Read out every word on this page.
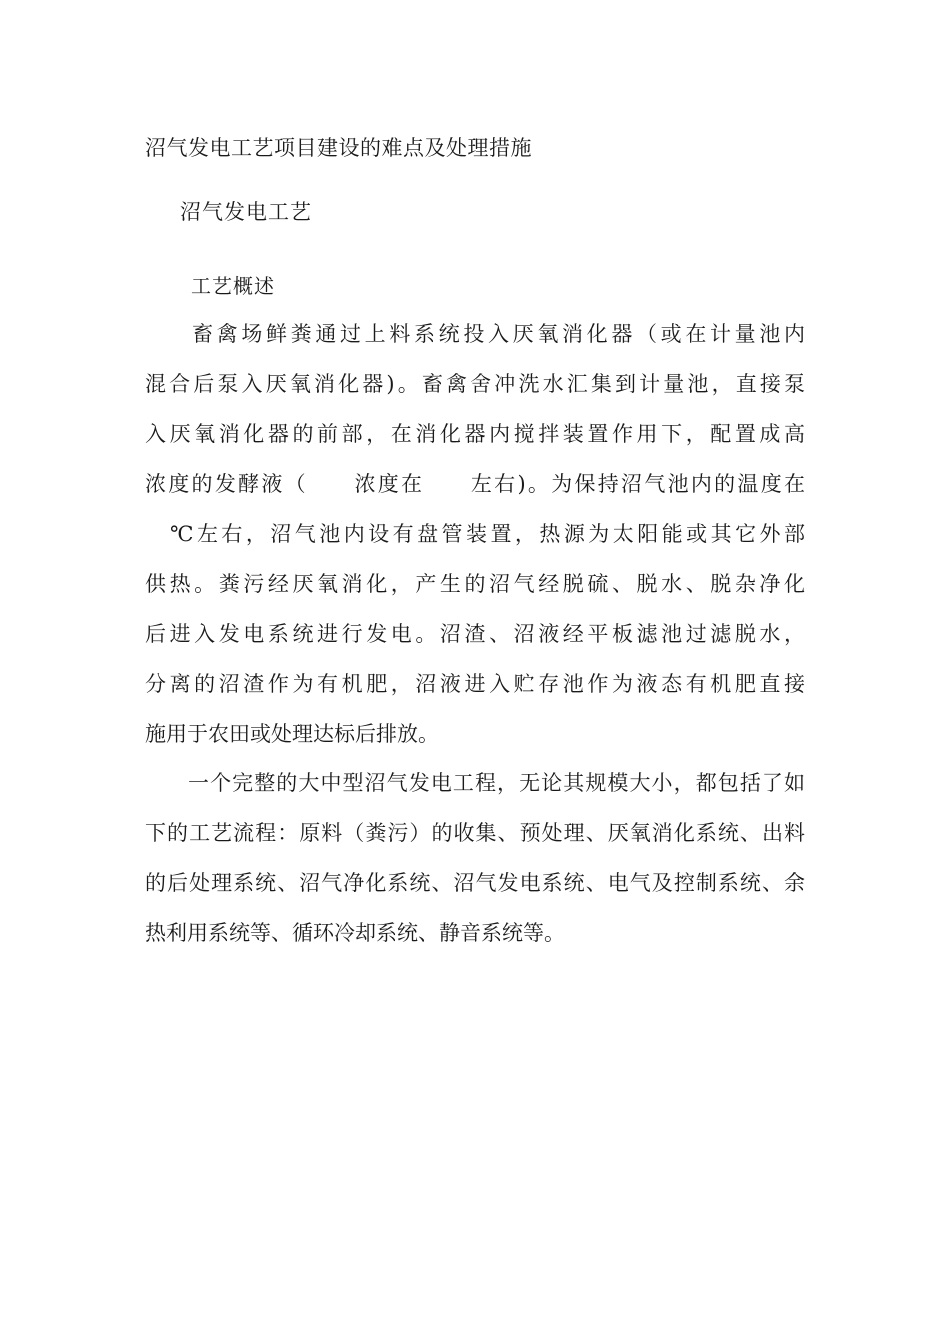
沼气发电工艺项目建设的难点及处理措施
沼气发电工艺
工艺概述
畜禽场鲜粪通过上料系统投入厌氧消化器（或在计量池内
混合后泵入厌氧消化器)。畜禽舍冲洗水汇集到计量池，直接泵
入厌氧消化器的前部，在消化器内搅拌装置作用下，配置成高
浓度的发酵液（　　浓度在　　左右)。为保持沼气池内的温度在
℃左右，沼气池内设有盘管装置，热源为太阳能或其它外部
供热。粪污经厌氧消化，产生的沼气经脱硫、脱水、脱杂净化
后进入发电系统进行发电。沼渣、沼液经平板滤池过滤脱水，
分离的沼渣作为有机肥，沼液进入贮存池作为液态有机肥直接
施用于农田或处理达标后排放。
一个完整的大中型沼气发电工程，无论其规模大小，都包括了如
下的工艺流程：原料（粪污）的收集、预处理、厌氧消化系统、出料
的后处理系统、沼气净化系统、沼气发电系统、电气及控制系统、余
热利用系统等、循环冷却系统、静音系统等。
